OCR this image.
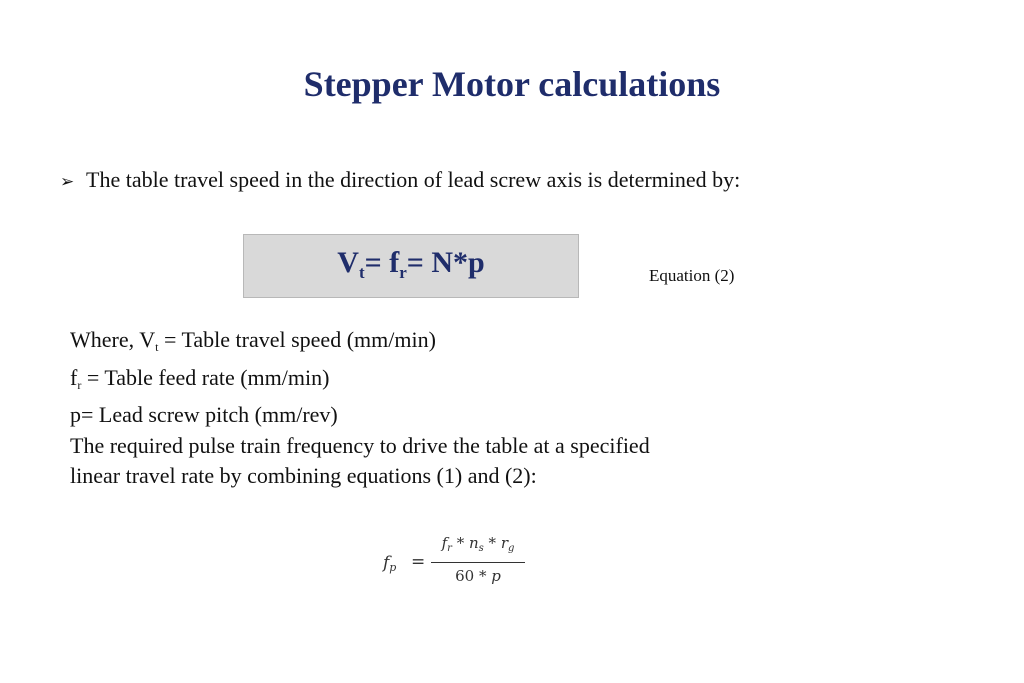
Stepper Motor calculations
➢ The table travel speed in the direction of lead screw axis is determined by:
$V_t= f_r= N*p$	Equation (2)
Where, $V_t$ = Table travel speed (mm/min)
$f_r$ = Table feed rate (mm/min)
p= Lead screw pitch (mm/rev)
The required pulse train frequency to drive the table at a specified
linear travel rate by combining equations (1) and (2):
$f_p$ =
$f_r * n_s * r_g$
60 * p
